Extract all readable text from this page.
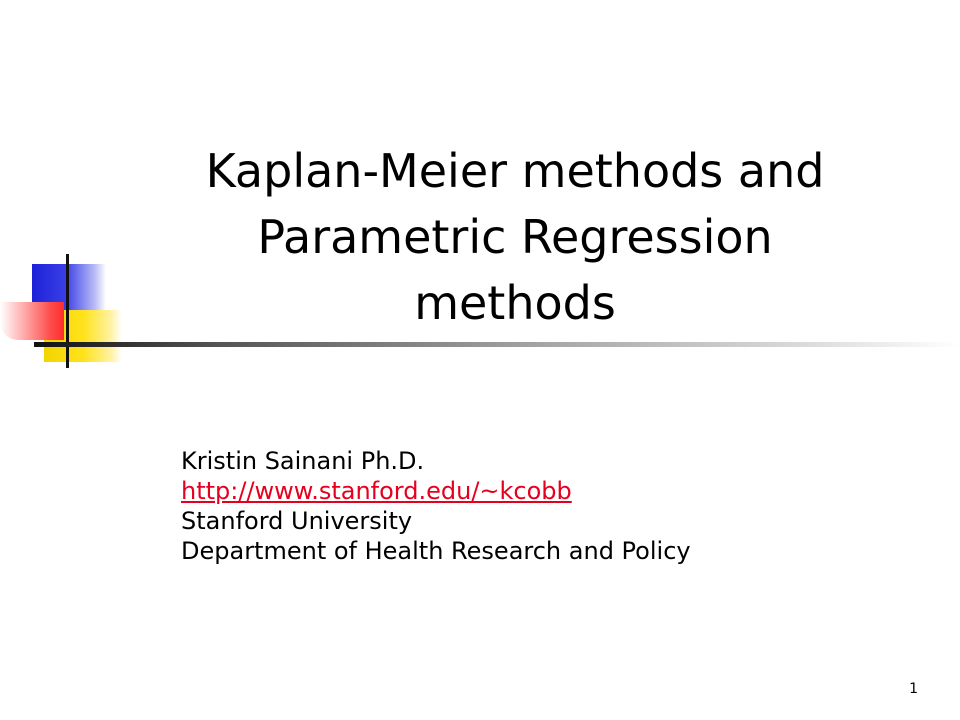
Kaplan-Meier methods and Parametric Regression methods
Kristin Sainani Ph.D.
http://www.stanford.edu/~kcobb
Stanford University
Department of Health Research and Policy
1
